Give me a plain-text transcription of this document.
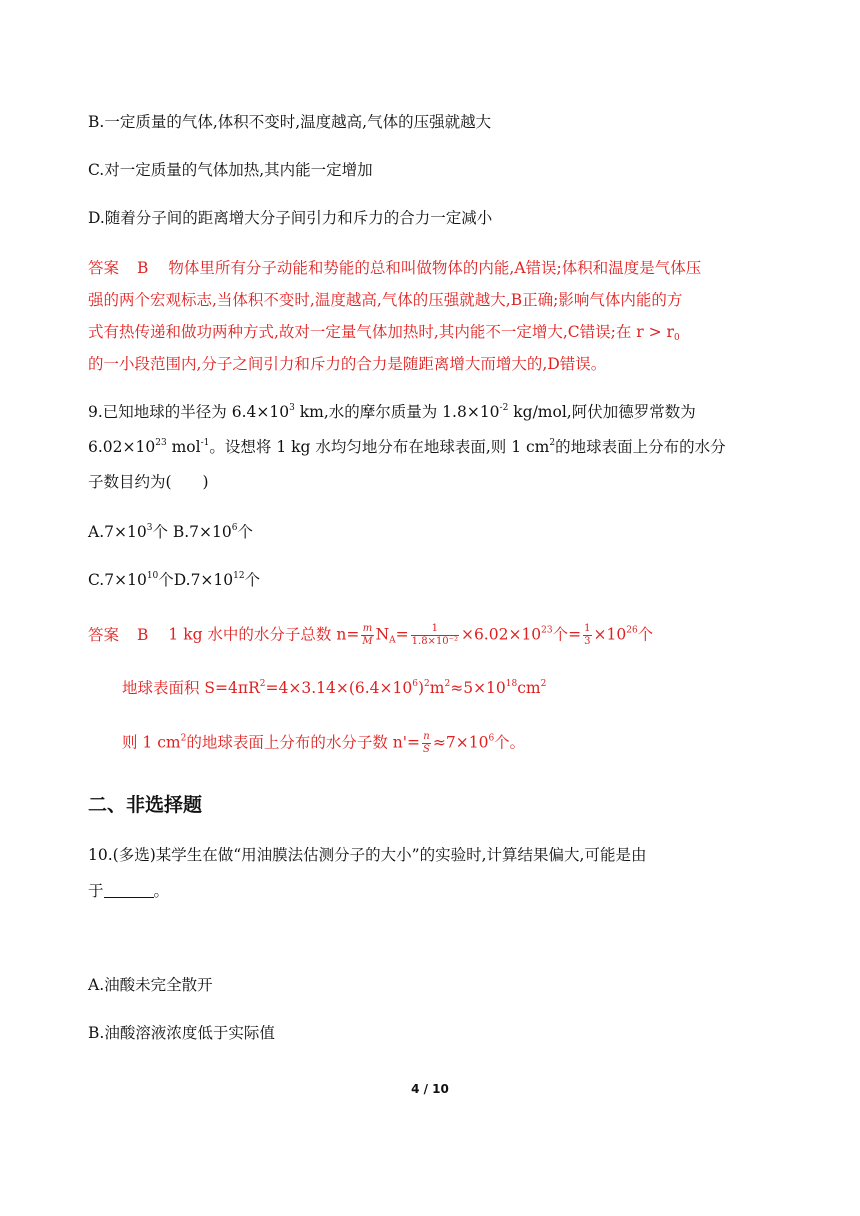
B.一定质量的气体,体积不变时,温度越高,气体的压强就越大
C.对一定质量的气体加热,其内能一定增加
D.随着分子间的距离增大分子间引力和斥力的合力一定减小
答案 B 物体里所有分子动能和势能的总和叫做物体的内能,A错误;体积和温度是气体压
强的两个宏观标志,当体积不变时,温度越高,气体的压强就越大,B正确;影响气体内能的方
式有热传递和做功两种方式,故对一定量气体加热时,其内能不一定增大,C错误;在 $r > r_0$
的一小段范围内,分子之间引力和斥力的合力是随距离增大而增大的,D错误。
9.已知地球的半径为 $6.4\times 10^3$ km,水的摩尔质量为 $1.8\times 10^{-2}$ kg/mol,阿伏加德罗常数为
$6.02\times 10^{23}$ mol$^{-1}$。设想将 1 kg 水均匀地分布在地球表面,则 1 $cm^2$的地球表面上分布的水分
子数目约为(　　)
$A.7\times 10^3$个 $B.7\times 10^6$个
$C.7\times 10^{10}$个$D.7\times 10^{12}$个
答案 B 1 kg 水中的水分子总数 $n= \frac{m}{M} N_A= \frac{1}{\text{1.8×10⁻²}} \times 6.02\times 10^{23}$个= $\frac{1}{3} \times 10^{26}$个
地球表面积 $S=4\pi R^2=4\times 3.14\times(6.4\times 10^6)^2m^2\approx 5\times 10^{18}cm^2$
则 1 $cm^2$的地球表面上分布的水分子数 $n'= \frac{n}{S} \approx 7\times 10^6$个。
二、非选择题
10.(多选)某学生在做“用油膜法估测分子的大小”的实验时,计算结果偏大,可能是由
于	。
A.油酸未完全散开
B.油酸溶液浓度低于实际值
4 / 10
